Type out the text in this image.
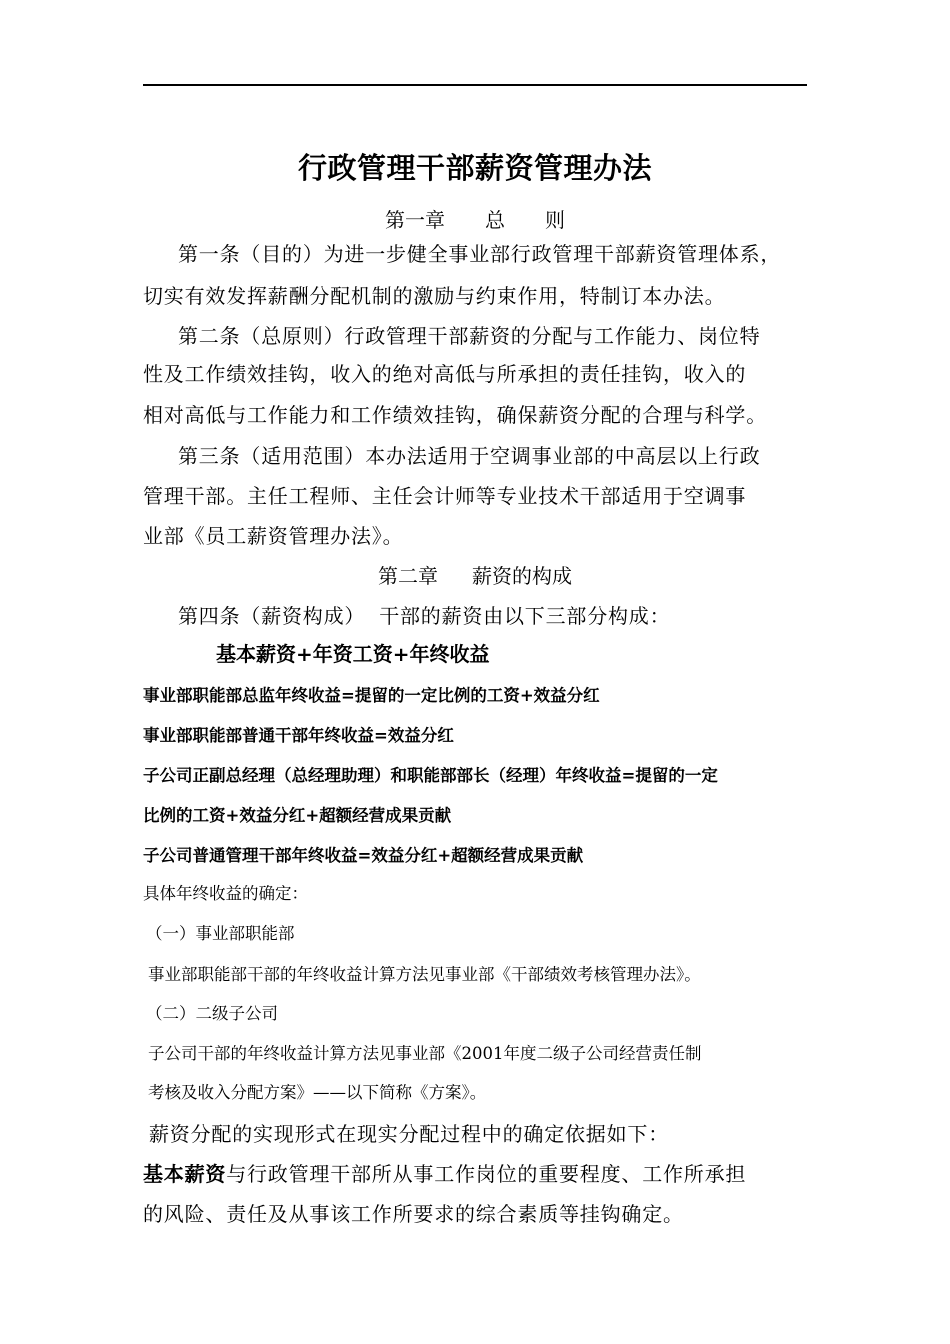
行政管理干部薪资管理办法
第一章 总　　则
第一条（目的）为进一步健全事业部行政管理干部薪资管理体系，
切实有效发挥薪酬分配机制的激励与约束作用，特制订本办法。
第二条（总原则）行政管理干部薪资的分配与工作能力、岗位特
性及工作绩效挂钩，收入的绝对高低与所承担的责任挂钩，收入的
相对高低与工作能力和工作绩效挂钩，确保薪资分配的合理与科学。
第三条（适用范围）本办法适用于空调事业部的中高层以上行政
管理干部。主任工程师、主任会计师等专业技术干部适用于空调事
业部《员工薪资管理办法》。
第二章 薪资的构成
第四条（薪资构成） 干部的薪资由以下三部分构成：
基本薪资+年资工资+年终收益
事业部职能部总监年终收益=提留的一定比例的工资+效益分红
事业部职能部普通干部年终收益=效益分红
子公司正副总经理（总经理助理）和职能部部长（经理）年终收益=提留的一定
比例的工资+效益分红+超额经营成果贡献
子公司普通管理干部年终收益=效益分红+超额经营成果贡献
具体年终收益的确定：
（一）事业部职能部
事业部职能部干部的年终收益计算方法见事业部《干部绩效考核管理办法》。
（二）二级子公司
子公司干部的年终收益计算方法见事业部《2001年度二级子公司经营责任制
考核及收入分配方案》——以下简称《方案》。
薪资分配的实现形式在现实分配过程中的确定依据如下：
基本薪资与行政管理干部所从事工作岗位的重要程度、工作所承担
的风险、责任及从事该工作所要求的综合素质等挂钩确定。
